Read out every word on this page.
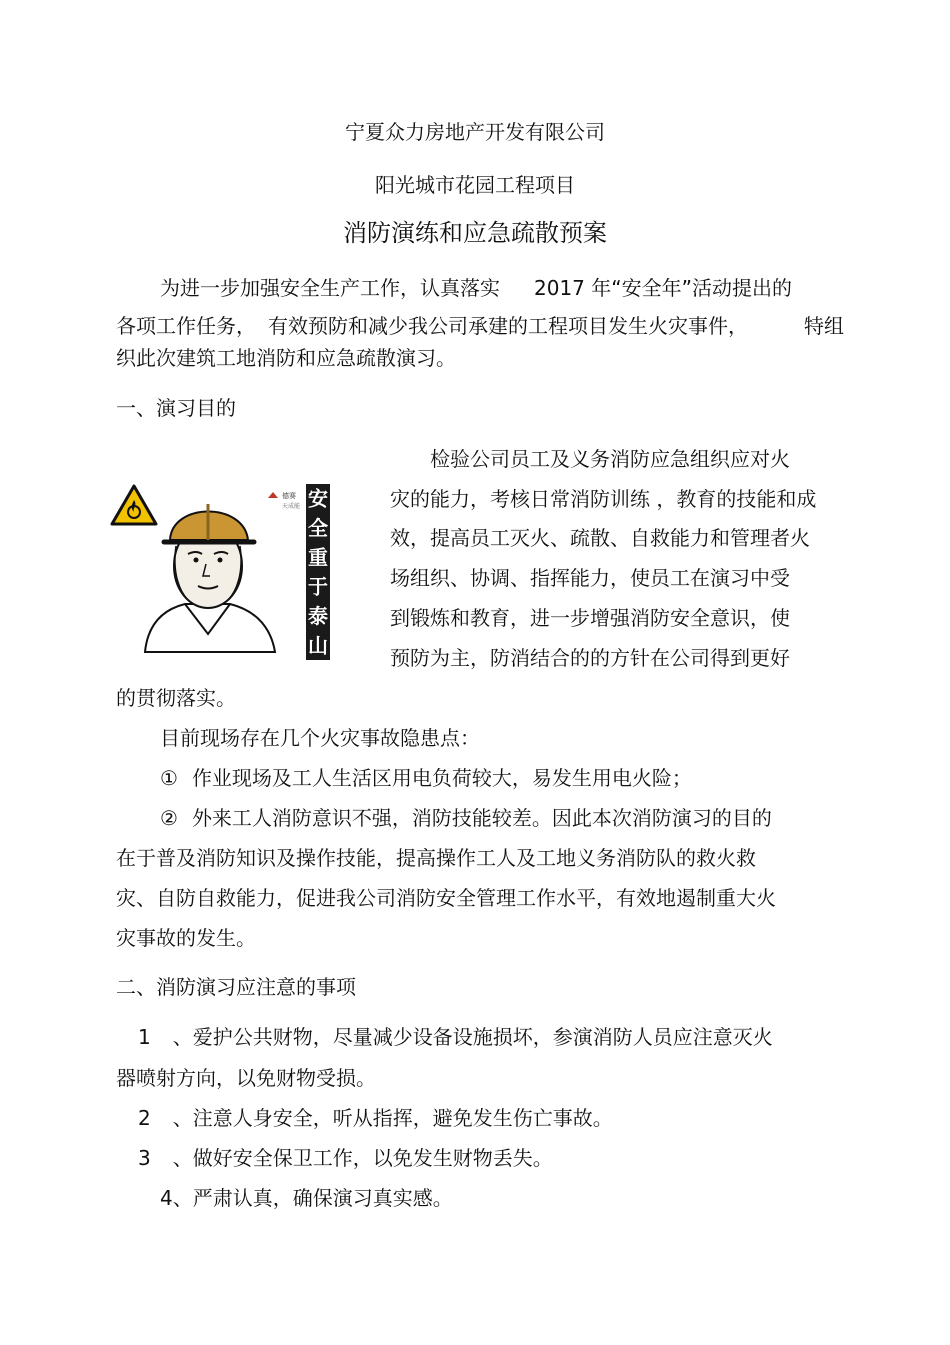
宁夏众力房地产开发有限公司
阳光城市花园工程项目
消防演练和应急疏散预案
为进一步加强安全生产工作，认真落实 2017 年“安全年”活动提出的
各项工作任务， 有效预防和减少我公司承建的工程项目发生火灾事件，	特组
织此次建筑工地消防和应急疏散演习。
一、演习目的
德赛
天成能 安
全
重
于
泰
山
检验公司员工及义务消防应急组织应对火
灾的能力，考核日常消防训练 ，教育的技能和成
效，提高员工灭火、疏散、自救能力和管理者火
场组织、协调、指挥能力，使员工在演习中受
到锻炼和教育，进一步增强消防安全意识，使
预防为主，防消结合的的方针在公司得到更好
的贯彻落实。
目前现场存在几个火灾事故隐患点：
① 作业现场及工人生活区用电负荷较大，易发生用电火险；
② 外来工人消防意识不强，消防技能较差。因此本次消防演习的目的
在于普及消防知识及操作技能，提高操作工人及工地义务消防队的救火救
灾、自防自救能力，促进我公司消防安全管理工作水平，有效地遏制重大火
灾事故的发生。
二、消防演习应注意的事项
1 、爱护公共财物，尽量减少设备设施损坏，参演消防人员应注意灭火
器喷射方向，以免财物受损。
2 、注意人身安全，听从指挥，避免发生伤亡事故。
3 、做好安全保卫工作，以免发生财物丢失。
4、严肃认真，确保演习真实感。
